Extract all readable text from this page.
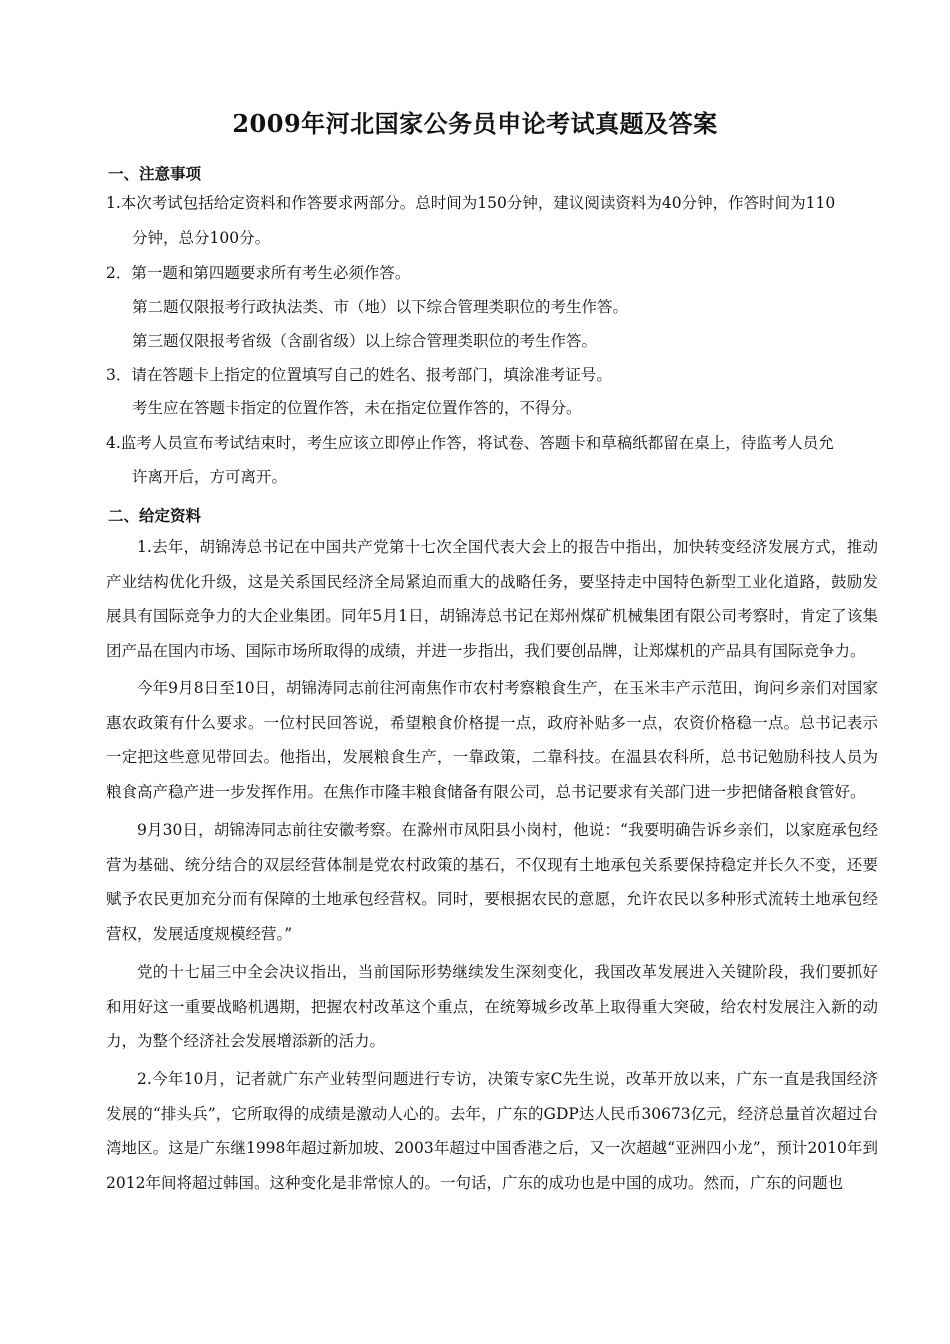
2009年河北国家公务员申论考试真题及答案
一、注意事项
1.本次考试包括给定资料和作答要求两部分。总时间为150分钟，建议阅读资料为40分钟，作答时间为110
分钟，总分100分。
2．第一题和第四题要求所有考生必须作答。
第二题仅限报考行政执法类、市（地）以下综合管理类职位的考生作答。
第三题仅限报考省级（含副省级）以上综合管理类职位的考生作答。
3．请在答题卡上指定的位置填写自己的姓名、报考部门，填涂准考证号。
考生应在答题卡指定的位置作答，未在指定位置作答的，不得分。
4.监考人员宣布考试结束时，考生应该立即停止作答，将试卷、答题卡和草稿纸都留在桌上，待监考人员允
许离开后，方可离开。
二、给定资料
1.去年，胡锦涛总书记在中国共产党第十七次全国代表大会上的报告中指出，加快转变经济发展方式，推动产业结构优化升级，这是关系国民经济全局紧迫而重大的战略任务，要坚持走中国特色新型工业化道路，鼓励发展具有国际竞争力的大企业集团。同年5月1日，胡锦涛总书记在郑州煤矿机械集团有限公司考察时，肯定了该集团产品在国内市场、国际市场所取得的成绩，并进一步指出，我们要创品牌，让郑煤机的产品具有国际竞争力。
今年9月8日至10日，胡锦涛同志前往河南焦作市农村考察粮食生产，在玉米丰产示范田，询问乡亲们对国家惠农政策有什么要求。一位村民回答说，希望粮食价格提一点，政府补贴多一点，农资价格稳一点。总书记表示一定把这些意见带回去。他指出，发展粮食生产，一靠政策，二靠科技。在温县农科所，总书记勉励科技人员为粮食高产稳产进一步发挥作用。在焦作市隆丰粮食储备有限公司，总书记要求有关部门进一步把储备粮食管好。
9月30日，胡锦涛同志前往安徽考察。在滁州市凤阳县小岗村，他说：“我要明确告诉乡亲们，以家庭承包经营为基础、统分结合的双层经营体制是党农村政策的基石，不仅现有土地承包关系要保持稳定并长久不变，还要赋予农民更加充分而有保障的土地承包经营权。同时，要根据农民的意愿，允许农民以多种形式流转土地承包经营权，发展适度规模经营。”
党的十七届三中全会决议指出，当前国际形势继续发生深刻变化，我国改革发展进入关键阶段，我们要抓好和用好这一重要战略机遇期，把握农村改革这个重点，在统筹城乡改革上取得重大突破，给农村发展注入新的动力，为整个经济社会发展增添新的活力。
2.今年10月，记者就广东产业转型问题进行专访，决策专家C先生说，改革开放以来，广东一直是我国经济发展的“排头兵”，它所取得的成绩是激动人心的。去年，广东的GDP达人民币30673亿元，经济总量首次超过台湾地区。这是广东继1998年超过新加坡、2003年超过中国香港之后，又一次超越“亚洲四小龙”，预计2010年到2012年间将超过韩国。这种变化是非常惊人的。一句话，广东的成功也是中国的成功。然而，广东的问题也
